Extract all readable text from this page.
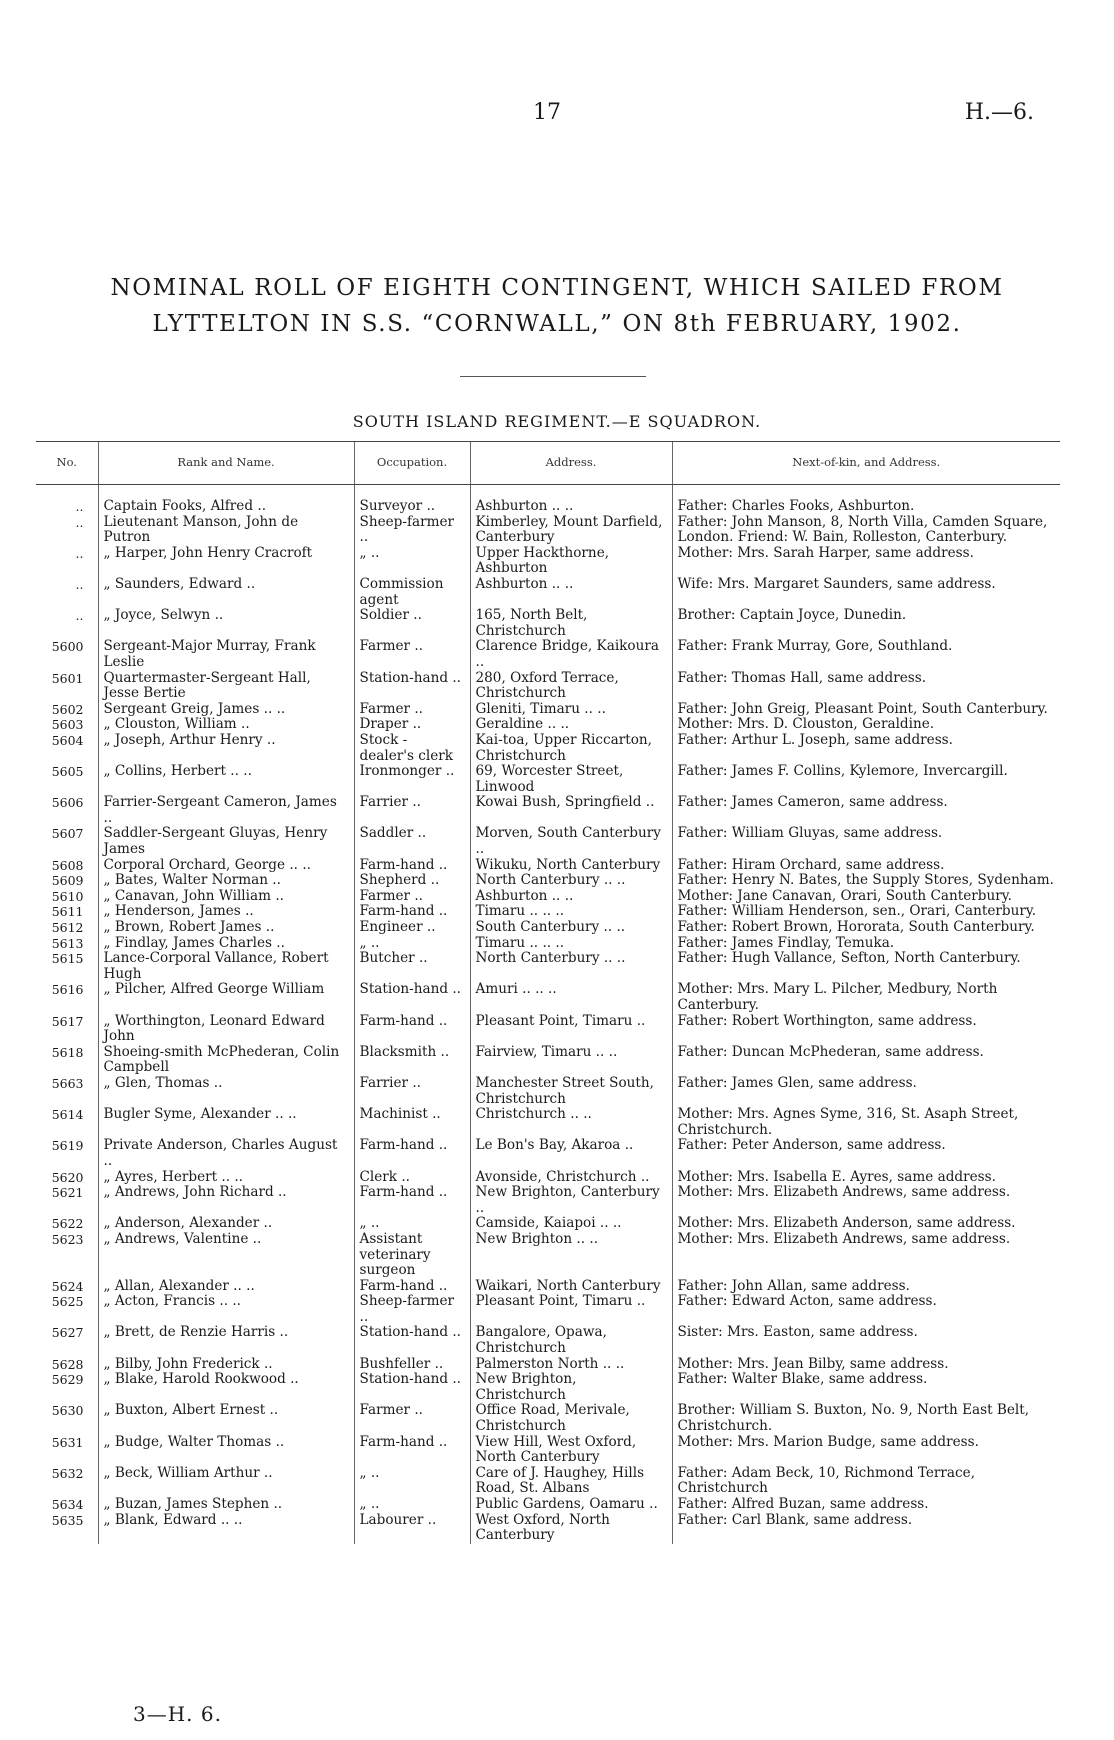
17	H.—6.
NOMINAL ROLL OF EIGHTH CONTINGENT, WHICH SAILED FROM
LYTTELTON IN S.S. “CORNWALL,” ON 8th FEBRUARY, 1902.
SOUTH ISLAND REGIMENT.—E SQUADRON.
No.	Rank and Name.	Occupation.	Address.	Next-of-kin, and Address.
..	Captain Fooks, Alfred ..	Surveyor ..	Ashburton .. ..	Father: Charles Fooks, Ashburton.
..	Lieutenant Manson, John de Putron	Sheep-farmer ..	Kimberley, Mount Darfield, Canterbury	Father: John Manson, 8, North Villa, Camden Square, London. Friend: W. Bain, Rolleston, Canterbury.
..	„ Harper, John Henry Cracroft	„ ..	Upper Hackthorne, Ashburton	Mother: Mrs. Sarah Harper, same address.
..	„ Saunders, Edward ..	Commission agent	Ashburton .. ..	Wife: Mrs. Margaret Saunders, same address.
..	„ Joyce, Selwyn ..	Soldier ..	165, North Belt, Christchurch	Brother: Captain Joyce, Dunedin.
5600	Sergeant-Major Murray, Frank Leslie	Farmer ..	Clarence Bridge, Kaikoura ..	Father: Frank Murray, Gore, Southland.
5601	Quartermaster-Sergeant Hall, Jesse Bertie	Station-hand ..	280, Oxford Terrace, Christchurch	Father: Thomas Hall, same address.
5602	Sergeant Greig, James .. ..	Farmer ..	Gleniti, Timaru .. ..	Father: John Greig, Pleasant Point, South Canterbury.
5603	„ Clouston, William ..	Draper ..	Geraldine .. ..	Mother: Mrs. D. Clouston, Geraldine.
5604	„ Joseph, Arthur Henry ..	Stock - dealer's clerk	Kai-toa, Upper Riccarton, Christchurch	Father: Arthur L. Joseph, same address.
5605	„ Collins, Herbert .. ..	Ironmonger ..	69, Worcester Street, Linwood	Father: James F. Collins, Kylemore, Invercargill.
5606	Farrier-Sergeant Cameron, James ..	Farrier ..	Kowai Bush, Springfield ..	Father: James Cameron, same address.
5607	Saddler-Sergeant Gluyas, Henry James	Saddler ..	Morven, South Canterbury ..	Father: William Gluyas, same address.
5608	Corporal Orchard, George .. ..	Farm-hand ..	Wikuku, North Canterbury	Father: Hiram Orchard, same address.
5609	„ Bates, Walter Norman ..	Shepherd ..	North Canterbury .. ..	Father: Henry N. Bates, the Supply Stores, Sydenham.
5610	„ Canavan, John William ..	Farmer ..	Ashburton .. ..	Mother: Jane Canavan, Orari, South Canterbury.
5611	„ Henderson, James ..	Farm-hand ..	Timaru .. .. ..	Father: William Henderson, sen., Orari, Canterbury.
5612	„ Brown, Robert James ..	Engineer ..	South Canterbury .. ..	Father: Robert Brown, Hororata, South Canterbury.
5613	„ Findlay, James Charles ..	„ ..	Timaru .. .. ..	Father: James Findlay, Temuka.
5615	Lance-Corporal Vallance, Robert Hugh	Butcher ..	North Canterbury .. ..	Father: Hugh Vallance, Sefton, North Canterbury.
5616	„ Pilcher, Alfred George William	Station-hand ..	Amuri .. .. ..	Mother: Mrs. Mary L. Pilcher, Medbury, North Canterbury.
5617	„ Worthington, Leonard Edward John	Farm-hand ..	Pleasant Point, Timaru ..	Father: Robert Worthington, same address.
5618	Shoeing-smith McPhederan, Colin Campbell	Blacksmith ..	Fairview, Timaru .. ..	Father: Duncan McPhederan, same address.
5663	„ Glen, Thomas ..	Farrier ..	Manchester Street South, Christchurch	Father: James Glen, same address.
5614	Bugler Syme, Alexander .. ..	Machinist ..	Christchurch .. ..	Mother: Mrs. Agnes Syme, 316, St. Asaph Street, Christchurch.
5619	Private Anderson, Charles August ..	Farm-hand ..	Le Bon's Bay, Akaroa ..	Father: Peter Anderson, same address.
5620	„ Ayres, Herbert .. ..	Clerk ..	Avonside, Christchurch ..	Mother: Mrs. Isabella E. Ayres, same address.
5621	„ Andrews, John Richard ..	Farm-hand ..	New Brighton, Canterbury ..	Mother: Mrs. Elizabeth Andrews, same address.
5622	„ Anderson, Alexander ..	„ ..	Camside, Kaiapoi .. ..	Mother: Mrs. Elizabeth Anderson, same address.
5623	„ Andrews, Valentine ..	Assistant veterinary surgeon	New Brighton .. ..	Mother: Mrs. Elizabeth Andrews, same address.
5624	„ Allan, Alexander .. ..	Farm-hand ..	Waikari, North Canterbury	Father: John Allan, same address.
5625	„ Acton, Francis .. ..	Sheep-farmer ..	Pleasant Point, Timaru ..	Father: Edward Acton, same address.
5627	„ Brett, de Renzie Harris ..	Station-hand ..	Bangalore, Opawa, Christchurch	Sister: Mrs. Easton, same address.
5628	„ Bilby, John Frederick ..	Bushfeller ..	Palmerston North .. ..	Mother: Mrs. Jean Bilby, same address.
5629	„ Blake, Harold Rookwood ..	Station-hand ..	New Brighton, Christchurch	Father: Walter Blake, same address.
5630	„ Buxton, Albert Ernest ..	Farmer ..	Office Road, Merivale, Christchurch	Brother: William S. Buxton, No. 9, North East Belt, Christchurch.
5631	„ Budge, Walter Thomas ..	Farm-hand ..	View Hill, West Oxford, North Canterbury	Mother: Mrs. Marion Budge, same address.
5632	„ Beck, William Arthur ..	„ ..	Care of J. Haughey, Hills Road, St. Albans	Father: Adam Beck, 10, Richmond Terrace, Christchurch
5634	„ Buzan, James Stephen ..	„ ..	Public Gardens, Oamaru ..	Father: Alfred Buzan, same address.
5635	„ Blank, Edward .. ..	Labourer ..	West Oxford, North Canterbury	Father: Carl Blank, same address.
3—H. 6.
